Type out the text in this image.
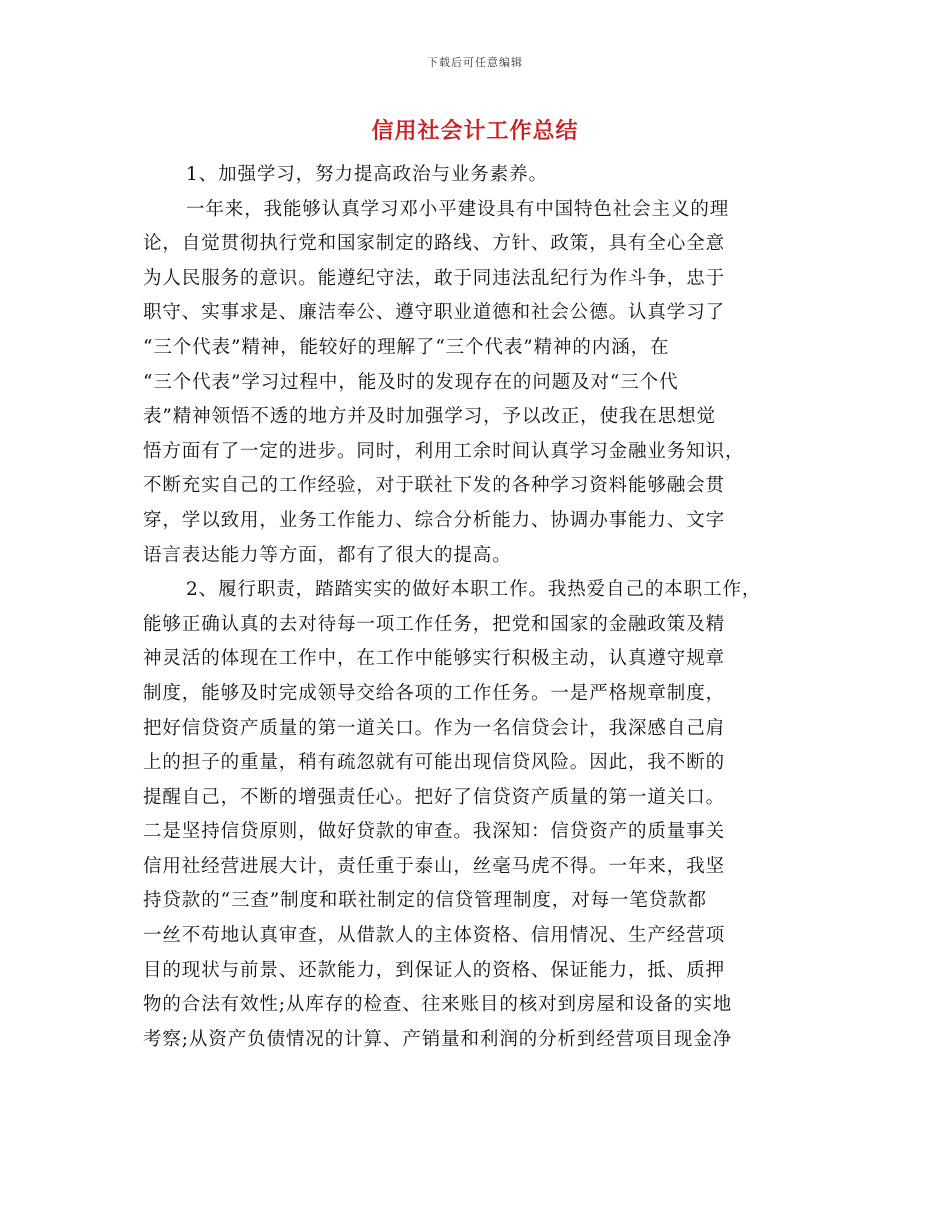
下载后可任意编辑
信用社会计工作总结
1、加强学习，努力提高政治与业务素养。
一年来，我能够认真学习邓小平建设具有中国特色社会主义的理
论，自觉贯彻执行党和国家制定的路线、方针、政策，具有全心全意
为人民服务的意识。能遵纪守法，敢于同违法乱纪行为作斗争，忠于
职守、实事求是、廉洁奉公、遵守职业道德和社会公德。认真学习了
“三个代表”精神，能较好的理解了“三个代表”精神的内涵，在
“三个代表”学习过程中，能及时的发现存在的问题及对“三个代
表”精神领悟不透的地方并及时加强学习，予以改正，使我在思想觉
悟方面有了一定的进步。同时，利用工余时间认真学习金融业务知识，
不断充实自己的工作经验，对于联社下发的各种学习资料能够融会贯
穿，学以致用，业务工作能力、综合分析能力、协调办事能力、文字
语言表达能力等方面，都有了很大的提高。
2、履行职责，踏踏实实的做好本职工作。我热爱自己的本职工作，
能够正确认真的去对待每一项工作任务，把党和国家的金融政策及精
神灵活的体现在工作中，在工作中能够实行积极主动，认真遵守规章
制度，能够及时完成领导交给各项的工作任务。一是严格规章制度，
把好信贷资产质量的第一道关口。作为一名信贷会计，我深感自己肩
上的担子的重量，稍有疏忽就有可能出现信贷风险。因此，我不断的
提醒自己，不断的增强责任心。把好了信贷资产质量的第一道关口。
二是坚持信贷原则，做好贷款的审查。我深知：信贷资产的质量事关
信用社经营进展大计，责任重于泰山，丝毫马虎不得。一年来，我坚
持贷款的“三查”制度和联社制定的信贷管理制度，对每一笔贷款都
一丝不苟地认真审查，从借款人的主体资格、信用情况、生产经营项
目的现状与前景、还款能力，到保证人的资格、保证能力，抵、质押
物的合法有效性;从库存的检查、往来账目的核对到房屋和设备的实地
考察;从资产负债情况的计算、产销量和利润的分析到经营项目现金净
